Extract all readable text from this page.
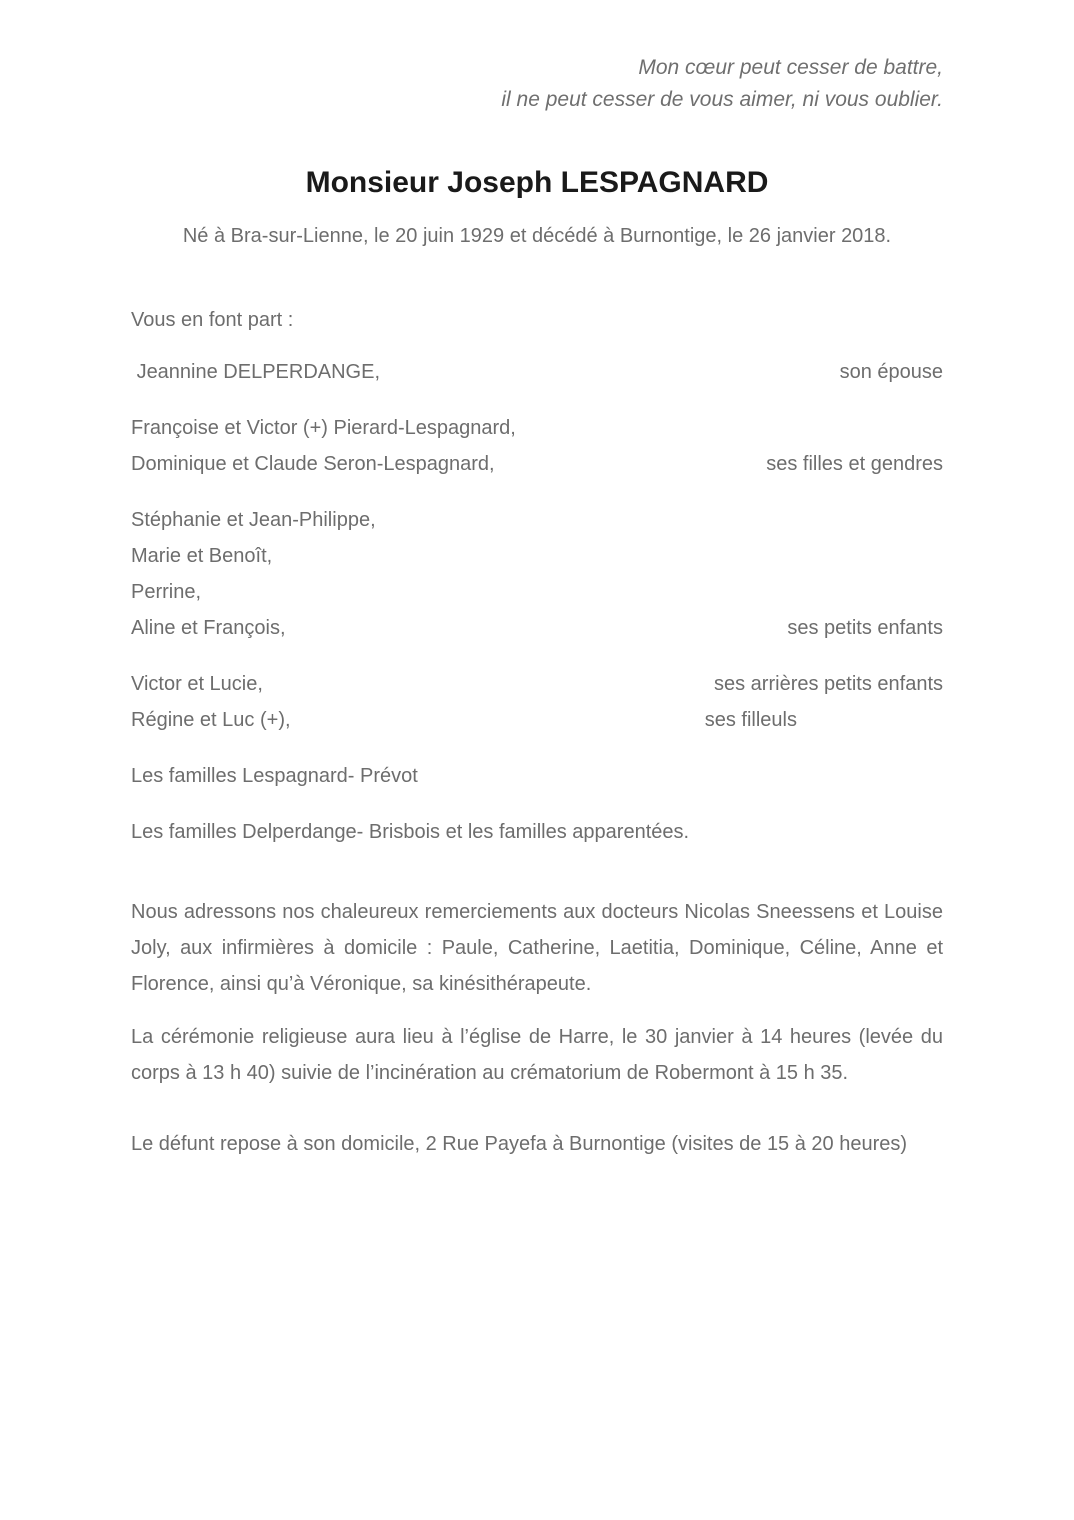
Mon cœur peut cesser de battre,
il ne peut cesser de vous aimer, ni vous oublier.
Monsieur Joseph LESPAGNARD
Né à Bra-sur-Lienne, le 20 juin 1929 et décédé à Burnontige, le 26 janvier 2018.
Vous en font part :
Jeannine DELPERDANGE,	son épouse
Françoise et Victor (+) Pierard-Lespagnard,
Dominique et Claude Seron-Lespagnard,	ses filles et gendres
Stéphanie et Jean-Philippe,
Marie et Benoît,
Perrine,
Aline et François,	ses petits enfants
Victor et Lucie,	ses arrières petits enfants
Régine et Luc (+),	ses filleuls
Les familles Lespagnard- Prévot
Les familles Delperdange- Brisbois et les familles apparentées.

Nous adressons nos chaleureux remerciements aux docteurs Nicolas Sneessens et Louise Joly, aux infirmières à domicile : Paule, Catherine, Laetitia, Dominique, Céline, Anne et Florence, ainsi qu’à Véronique, sa kinésithérapeute.

La cérémonie religieuse aura lieu à l’église de Harre, le 30 janvier à 14 heures (levée du corps à 13 h 40) suivie de l’incinération au crématorium de Robermont à 15 h 35.

Le défunt repose à son domicile, 2 Rue Payefa à Burnontige (visites de 15 à 20 heures)
